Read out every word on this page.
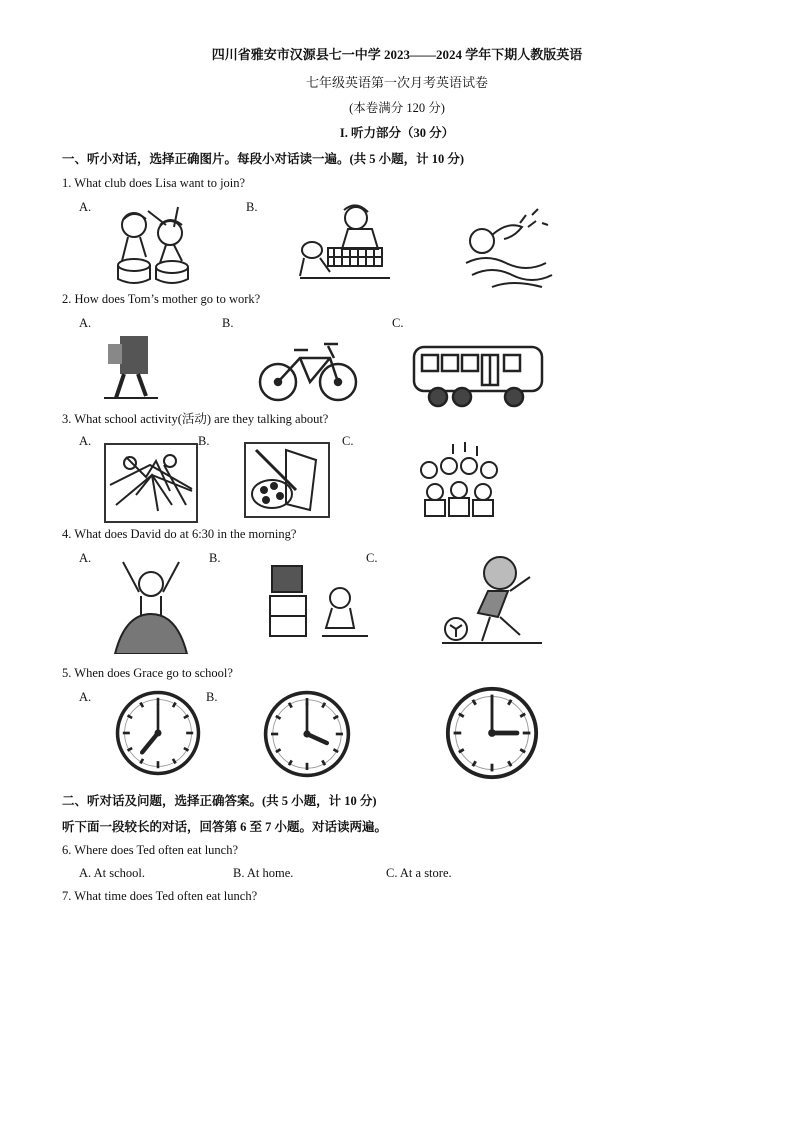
四川省雅安市汉源县七一中学 2023——2024 学年下期人教版英语
七年级英语第一次月考英语试卷
(本卷满分 120 分)
I. 听力部分（30 分）
一、听小对话，选择正确图片。每段小对话读一遍。(共 5 小题，计 10 分)
1. What club does Lisa want to join?
A.	B.
2. How does Tom’s mother go to work?
A.	B.	C.
3. What school activity(活动) are they talking about?
A.	B.	C.
4. What does David do at 6:30 in the morning?
A.	B.	C.
5. When does Grace go to school?
A.	B.
二、听对话及问题，选择正确答案。(共 5 小题，计 10 分)
听下面一段较长的对话，回答第 6 至 7 小题。对话读两遍。
6. Where does Ted often eat lunch?
A. At school.	B. At home.	C. At a store.
7. What time does Ted often eat lunch?
